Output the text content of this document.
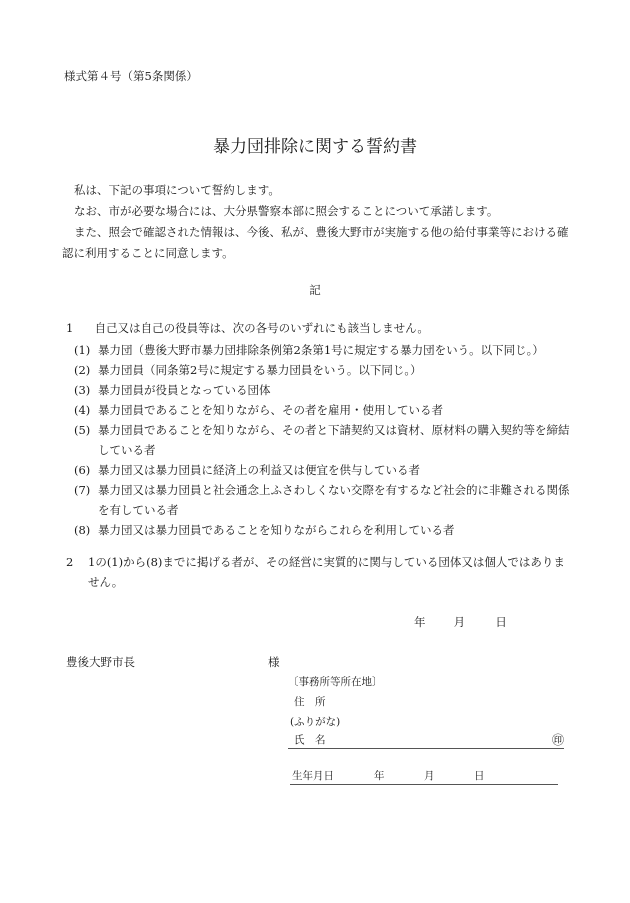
様式第４号（第5条関係）
暴力団排除に関する誓約書
私は、下記の事項について誓約します。
なお、市が必要な場合には、大分県警察本部に照会することについて承諾します。
また、照会で確認された情報は、今後、私が、豊後大野市が実施する他の給付事業等における確認に利用することに同意します。
記
1 自己又は自己の役員等は、次の各号のいずれにも該当しません。
(1) 暴力団（豊後大野市暴力団排除条例第2条第1号に規定する暴力団をいう。以下同じ。）
(2) 暴力団員（同条第2号に規定する暴力団員をいう。以下同じ。）
(3) 暴力団員が役員となっている団体
(4) 暴力団員であることを知りながら、その者を雇用・使用している者
(5) 暴力団員であることを知りながら、その者と下請契約又は資材、原材料の購入契約等を締結している者
(6) 暴力団又は暴力団員に経済上の利益又は便宜を供与している者
(7) 暴力団又は暴力団員と社会通念上ふさわしくない交際を有するなど社会的に非難される関係を有している者
(8) 暴力団又は暴力団員であることを知りながらこれらを利用している者
2	1の(1)から(8)までに掲げる者が、その経営に実質的に関与している団体又は個人ではありません。
年 月	日
豊後大野市長	様
〔事務所等所在地〕
住　所
(ふりがな)
氏　名	㊞
生年月日	年	月	日
